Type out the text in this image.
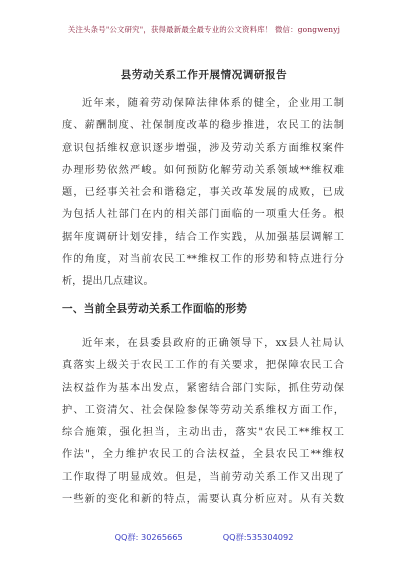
关注头条号"公文研究"，获得最新最全最专业的公文资料库！ 微信：gongwenyj
县劳动关系工作开展情况调研报告
近年来，随着劳动保障法律体系的健全，企业用工制
度、薪酬制度、社保制度改革的稳步推进，农民工的法制
意识包括维权意识逐步增强，涉及劳动关系方面维权案件
办理形势依然严峻。如何预防化解劳动关系领域**维权难
题，已经事关社会和谐稳定，事关改革发展的成败，已成
为包括人社部门在内的相关部门面临的一项重大任务。根
据年度调研计划安排，结合工作实践，从加强基层调解工
作的角度，对当前农民工**维权工作的形势和特点进行分
析，提出几点建议。
一、当前全县劳动关系工作面临的形势
近年来，在县委县政府的正确领导下，xx县人社局认
真落实上级关于农民工工作的有关要求，把保障农民工合
法权益作为基本出发点，紧密结合部门实际，抓住劳动保
护、工资清欠、社会保险参保等劳动关系维权方面工作，
综合施策，强化担当，主动出击，落实"农民工**维权工
作法"，全力维护农民工的合法权益，全县农民工**维权
工作取得了明显成效。但是，当前劳动关系工作又出现了
一些新的变化和新的特点，需要认真分析应对。从有关数
QQ群: 30265665	QQ群:535304092
